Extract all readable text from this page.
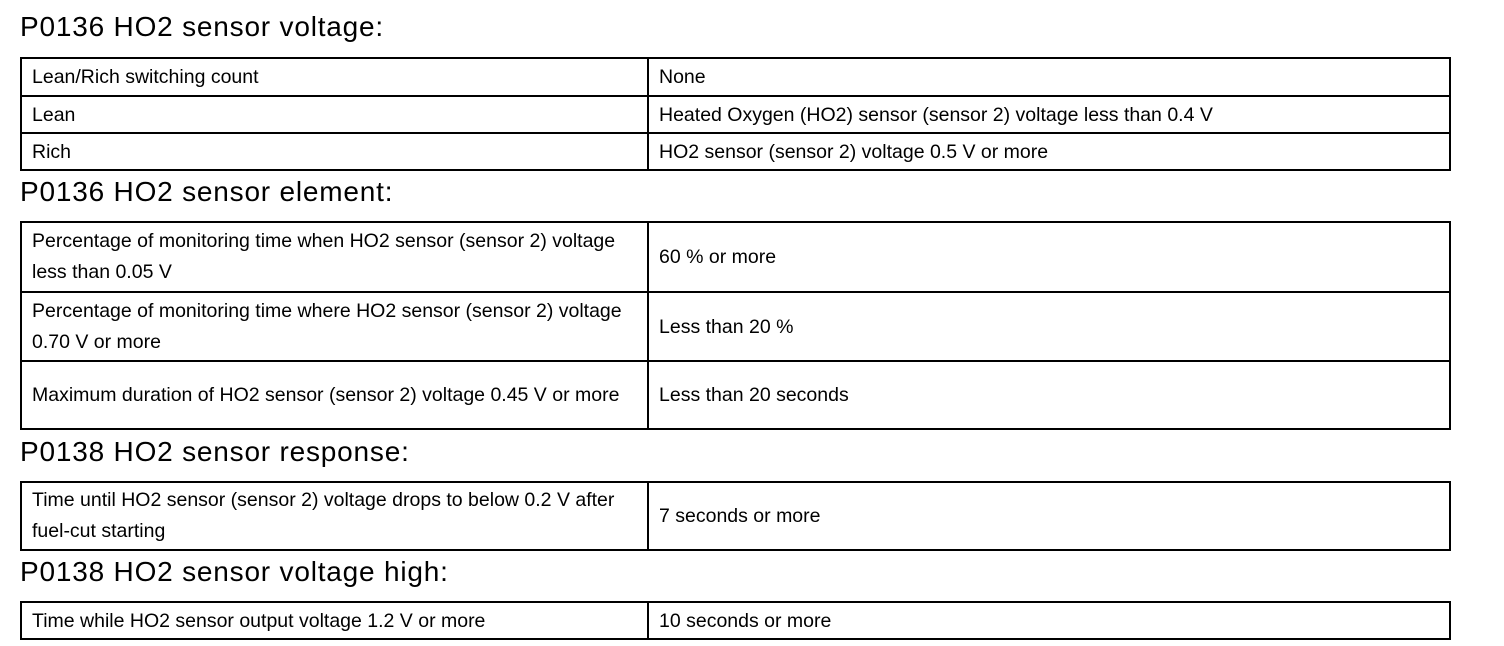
P0136 HO2 sensor voltage:
Lean/Rich switching count	None
Lean	Heated Oxygen (HO2) sensor (sensor 2) voltage less than 0.4 V
Rich	HO2 sensor (sensor 2) voltage 0.5 V or more
P0136 HO2 sensor element:
Percentage of monitoring time when HO2 sensor (sensor 2) voltage less than 0.05 V	60 % or more
Percentage of monitoring time where HO2 sensor (sensor 2) voltage 0.70 V or more	Less than 20 %
Maximum duration of HO2 sensor (sensor 2) voltage 0.45 V or more	Less than 20 seconds
P0138 HO2 sensor response:
Time until HO2 sensor (sensor 2) voltage drops to below 0.2 V after fuel-cut starting	7 seconds or more
P0138 HO2 sensor voltage high:
Time while HO2 sensor output voltage 1.2 V or more	10 seconds or more
